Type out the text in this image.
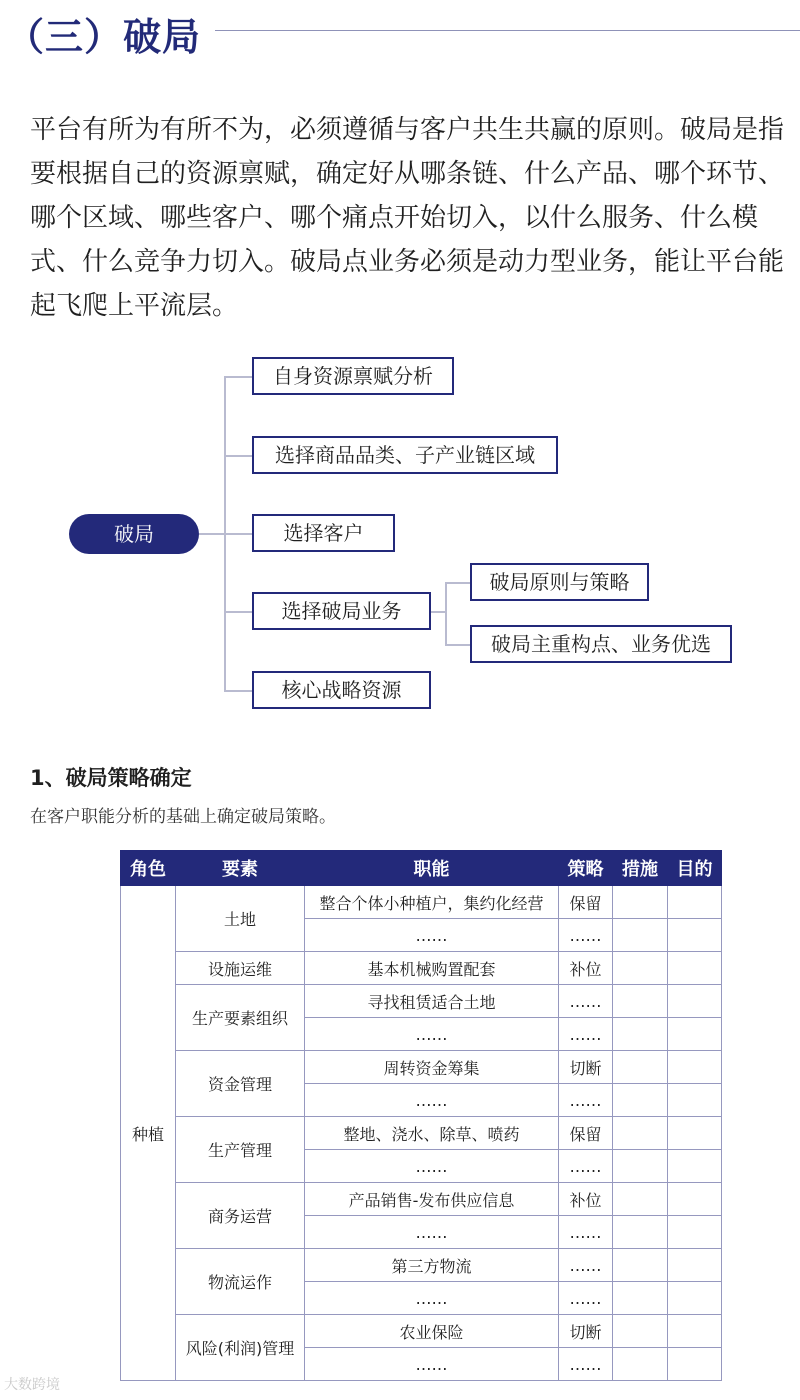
（三）破局

平台有所为有所不为，必须遵循与客户共生共赢的原则。破局是指要根据自己的资源禀赋，确定好从哪条链、什么产品、哪个环节、哪个区域、哪些客户、哪个痛点开始切入，以什么服务、什么模式、什么竞争力切入。破局点业务必须是动力型业务，能让平台能起飞爬上平流层。

破局
自身资源禀赋分析
选择商品品类、子产业链区域
选择客户
选择破局业务
核心战略资源
破局原则与策略
破局主重构点、业务优选
1、破局策略确定
在客户职能分析的基础上确定破局策略。
角色	要素	职能	策略	措施	目的
种植	土地	整合个体小种植户，集约化经营	保留		
		……	……		
	设施运维	基本机械购置配套	补位		
	生产要素组织	寻找租赁适合土地	……		
		……	……		
	资金管理	周转资金筹集	切断		
		……	……		
	生产管理	整地、浇水、除草、喷药	保留		
		……	……		
	商务运营	产品销售-发布供应信息	补位		
		……	……		
	物流运作	第三方物流	……		
		……	……		
	风险(利润)管理	农业保险	切断		
		……	……		
大数跨境
